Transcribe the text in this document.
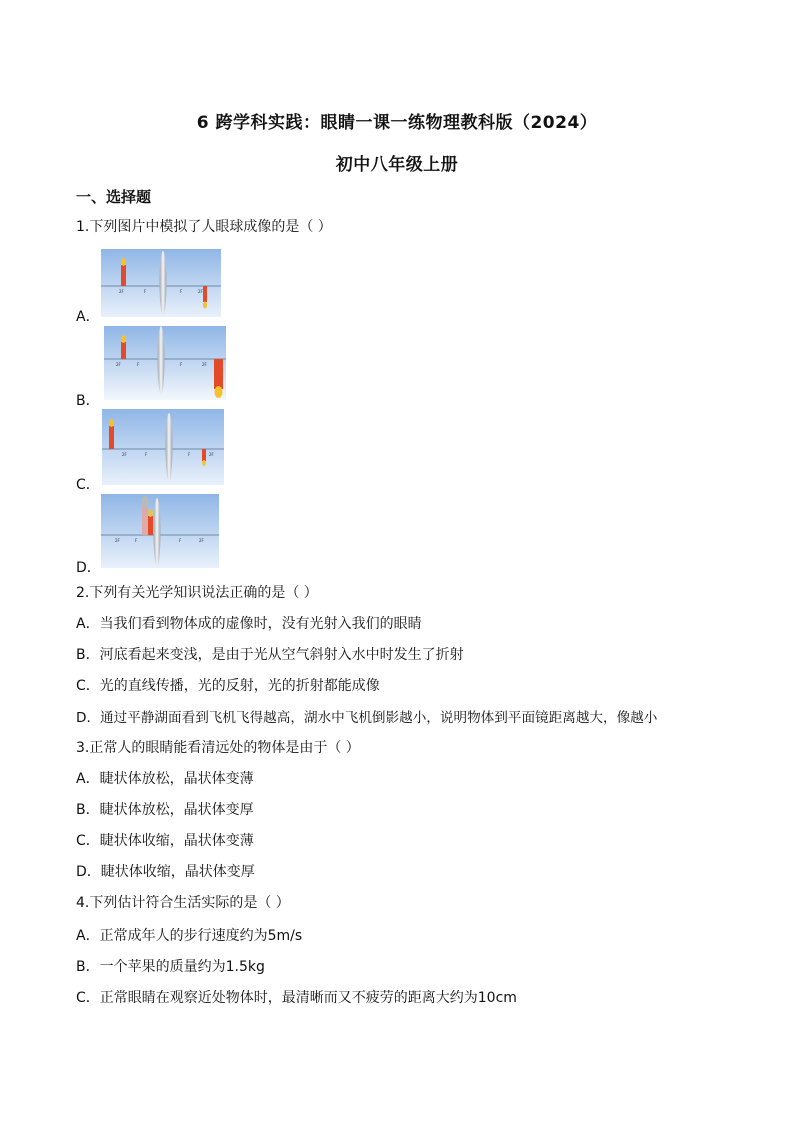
6 跨学科实践：眼睛一课一练物理教科版（2024）
初中八年级上册
一、选择题
1.下列图片中模拟了人眼球成像的是（ ）
A．
2F	F	F	2F
B．
2F	F	F	2F
C．
2F	F	F	2F
D．
2F	F	F	2F
2.下列有关光学知识说法正确的是（ ）
A．当我们看到物体成的虚像时，没有光射入我们的眼睛
B．河底看起来变浅，是由于光从空气斜射入水中时发生了折射
C．光的直线传播，光的反射，光的折射都能成像
D．通过平静湖面看到飞机飞得越高，湖水中飞机倒影越小，说明物体到平面镜距离越大，像越小
3.正常人的眼睛能看清远处的物体是由于（ ）
A．睫状体放松，晶状体变薄
B．睫状体放松，晶状体变厚
C．睫状体收缩，晶状体变薄
D．睫状体收缩，晶状体变厚
4.下列估计符合生活实际的是（ ）
A．正常成年人的步行速度约为5m/s
B．一个苹果的质量约为1.5kg
C．正常眼睛在观察近处物体时，最清晰而又不疲劳的距离大约为10cm
